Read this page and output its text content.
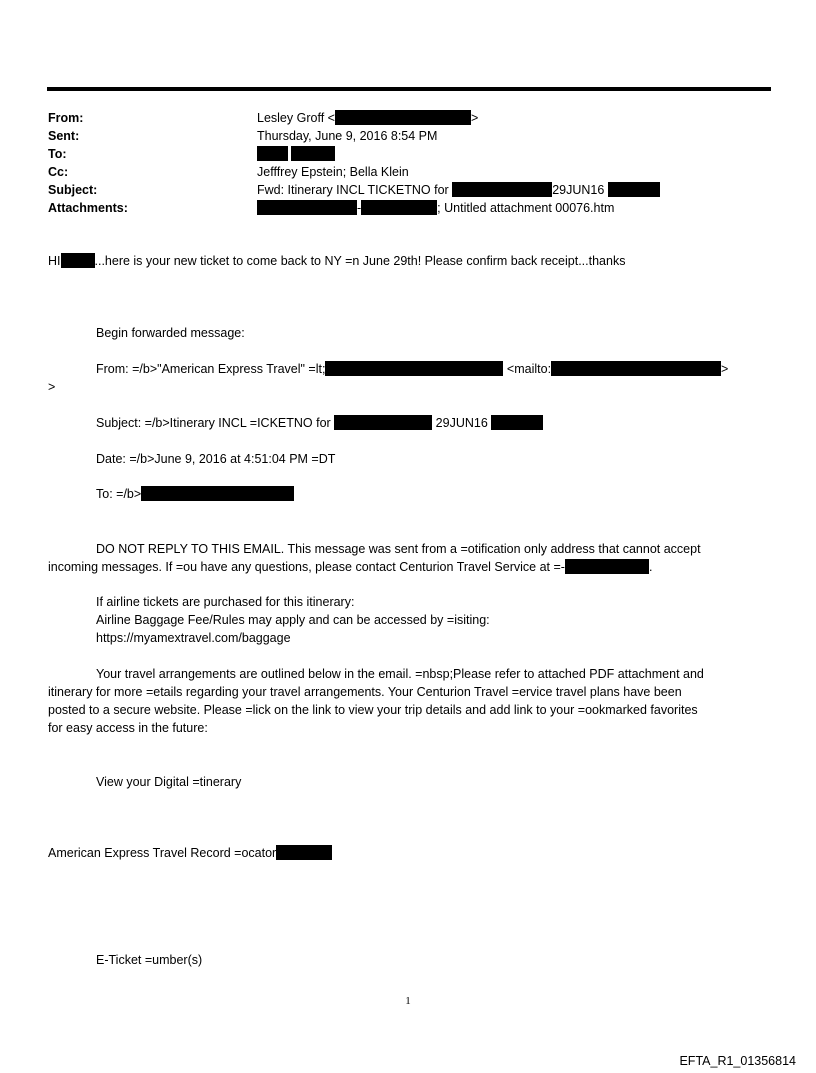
From:	Lesley Groff <	>
Sent:	Thursday, June 9, 2016 8:54 PM
To:

Cc:	Jefffrey Epstein; Bella Klein
Subject:	Fwd: Itinerary INCL TICKETNO for	29JUN16
Attachments:	-	; Untitled attachment 00076.htm
HI	...here is your new ticket to come back to NY =n June 29th! Please confirm back receipt...thanks
Begin forwarded message:
From: =/b>"American Express Travel" =lt;	<mailto:	>
>
Subject: =/b>Itinerary INCL =ICKETNO for	29JUN16
Date: =/b>June 9, 2016 at 4:51:04 PM =DT
To: =/b>
DO NOT REPLY TO THIS EMAIL. This message was sent from a =otification only address that cannot accept
incoming messages. If =ou have any questions, please contact Centurion Travel Service at =-	.
If airline tickets are purchased for this itinerary:
Airline Baggage Fee/Rules may apply and can be accessed by =isiting:
https://myamextravel.com/baggage
Your travel arrangements are outlined below in the email. =nbsp;Please refer to attached PDF attachment and
itinerary for more =etails regarding your travel arrangements. Your Centurion Travel =ervice travel plans have been
posted to a secure website. Please =lick on the link to view your trip details and add link to your =ookmarked favorites
for easy access in the future:
View your Digital =tinerary
American Express Travel Record =ocator
E-Ticket =umber(s)
1
EFTA_R1_01356814
